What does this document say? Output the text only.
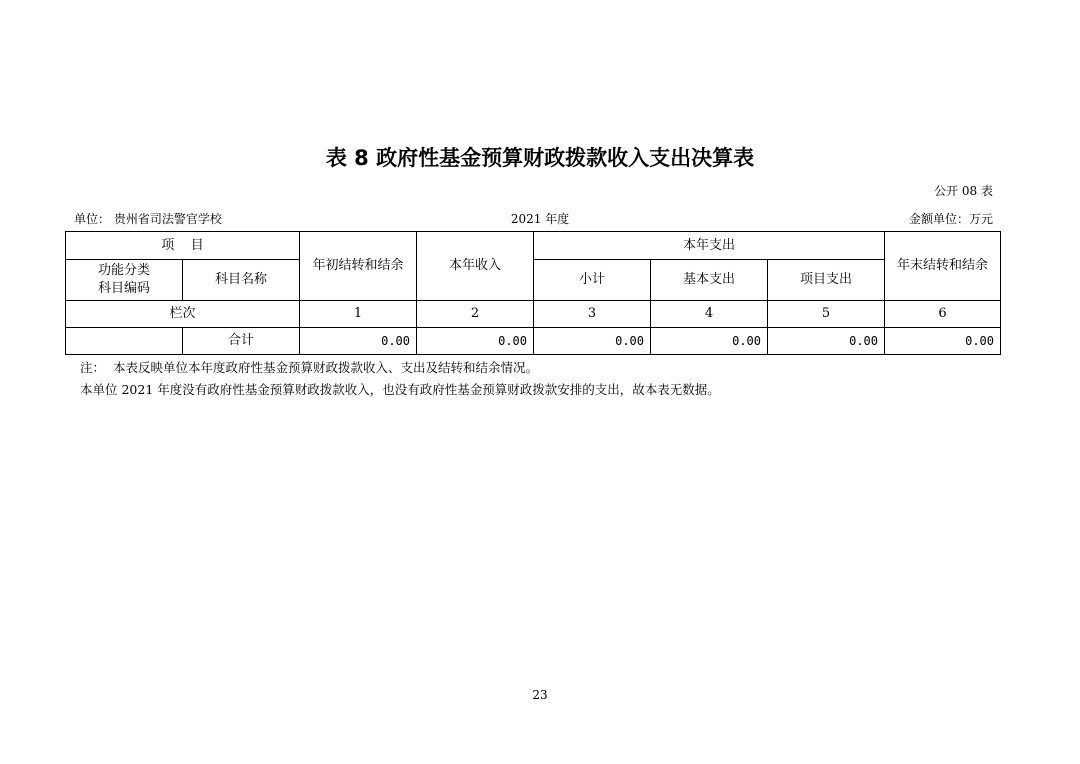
表 8 政府性基金预算财政拨款收入支出决算表
公开 08 表
单位： 贵州省司法警官学校	2021 年度	金额单位：万元
项    目		年初结转和结余	本年收入	本年支出			年末结转和结余
功能分类
科目编码	科目名称			小计	基本支出	项目支出	
栏次		1	2	3	4	5	6
	合计	0.00	0.00	0.00	0.00	0.00	0.00
注：  本表反映单位本年度政府性基金预算财政拨款收入、支出及结转和结余情况。
本单位 2021 年度没有政府性基金预算财政拨款收入，也没有政府性基金预算财政拨款安排的支出，故本表无数据。
23
